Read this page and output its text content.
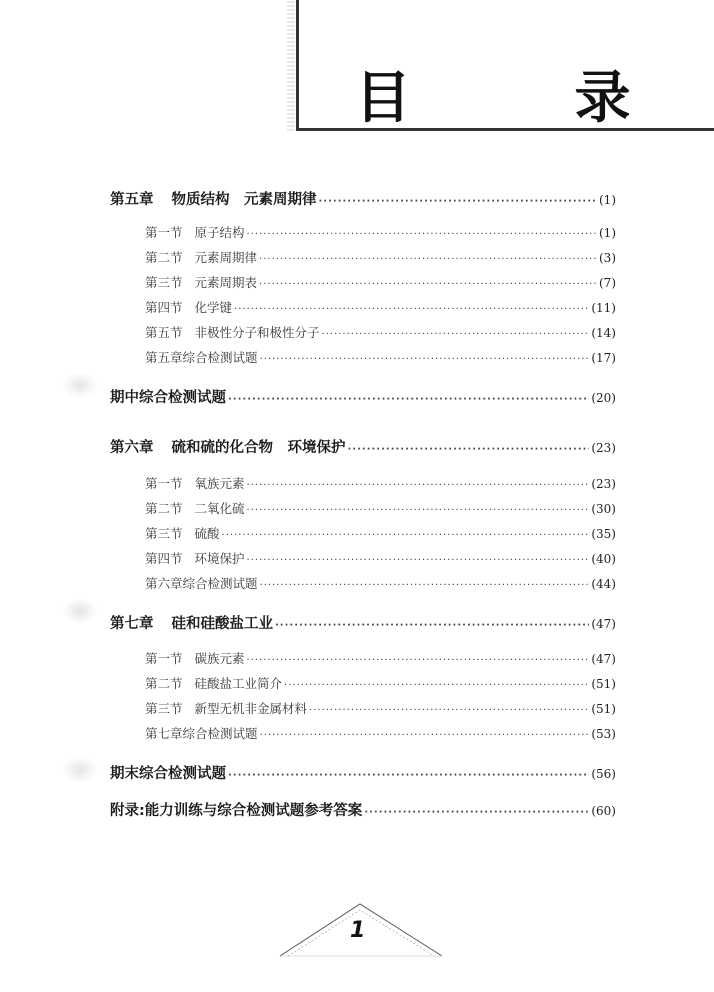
目 录
第五章 物质结构　元素周期律 ·····	(1)
第一节 原子结构 ·····	(1)
第二节 元素周期律 ·····	(3)
第三节 元素周期表 ·····	(7)
第四节 化学键 ·····	(11)
第五节 非极性分子和极性分子 ·····	(14)
第五章综合检测试题 ·····	(17)
期中综合检测试题 ·····	(20)
第六章 硫和硫的化合物　环境保护 ·····	(23)
第一节 氧族元素 ·····	(23)
第二节 二氧化硫 ·····	(30)
第三节 硫酸 ·····	(35)
第四节 环境保护 ·····	(40)
第六章综合检测试题 ·····	(44)
第七章 硅和硅酸盐工业 ·····	(47)
第一节 碳族元素 ·····	(47)
第二节 硅酸盐工业简介 ·····	(51)
第三节 新型无机非金属材料 ·····	(51)
第七章综合检测试题 ·····	(53)
期末综合检测试题 ·····	(56)
附录:能力训练与综合检测试题参考答案 ·····	(60)
1
